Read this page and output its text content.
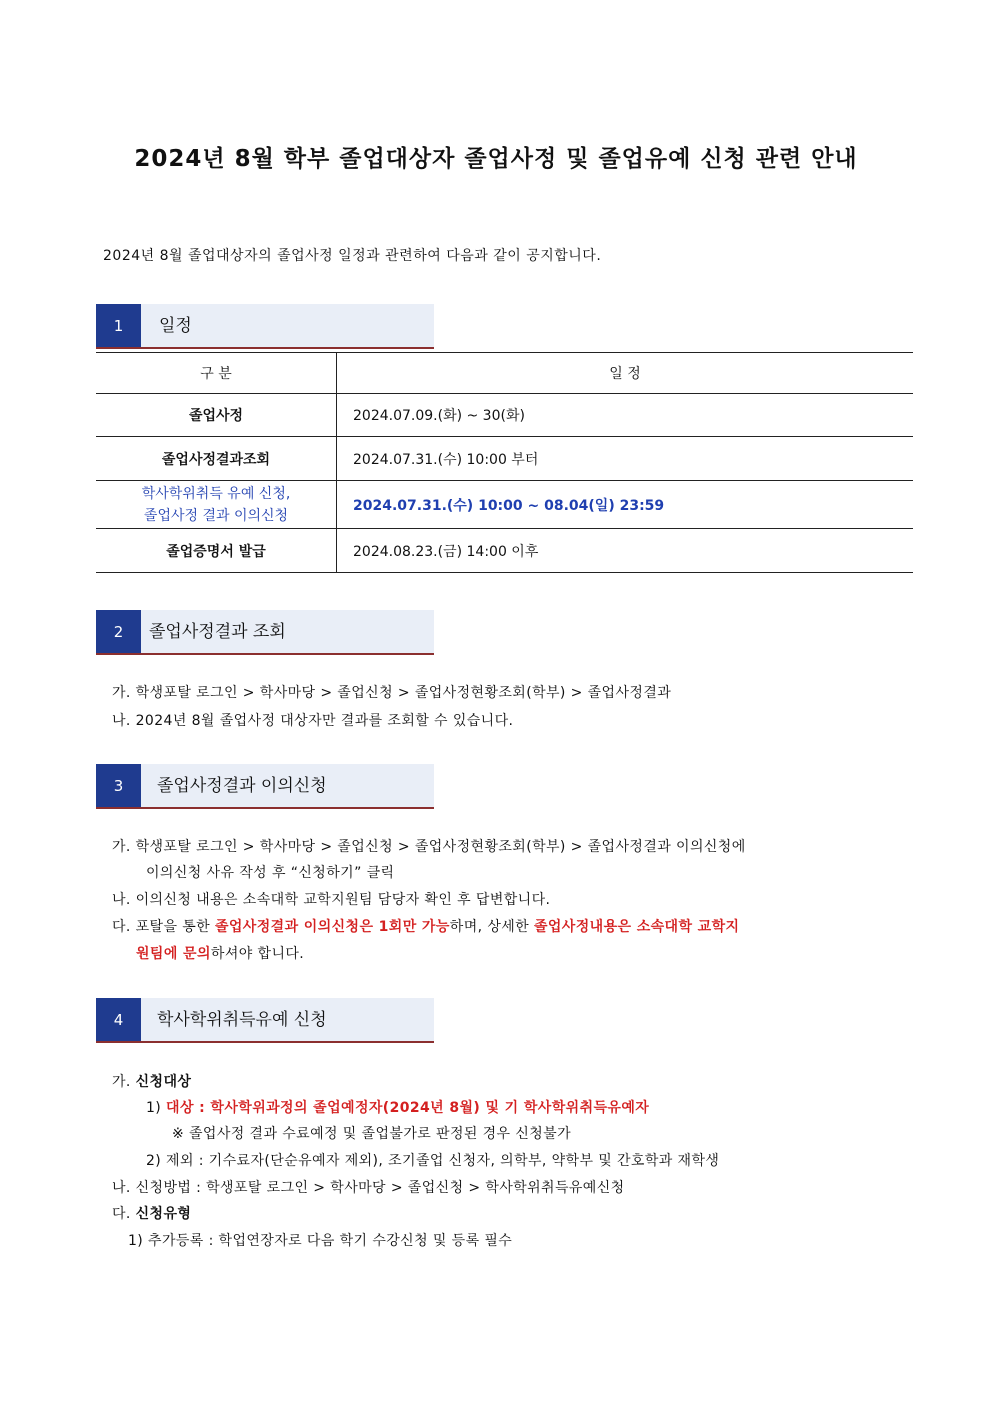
2024년 8월 학부 졸업대상자 졸업사정 및 졸업유예 신청 관련 안내
2024년 8월 졸업대상자의 졸업사정 일정과 관련하여 다음과 같이 공지합니다.
1	일정
구 분	일 정
졸업사정	2024.07.09.(화) ~ 30(화)
졸업사정결과조회	2024.07.31.(수) 10:00 부터
학사학위취득 유예 신청,
졸업사정 결과 이의신청	2024.07.31.(수) 10:00 ~ 08.04(일) 23:59
졸업증명서 발급	2024.08.23.(금) 14:00 이후
2	졸업사정결과 조회
가. 학생포탈 로그인 > 학사마당 > 졸업신청 > 졸업사정현황조회(학부) > 졸업사정결과
나. 2024년 8월 졸업사정 대상자만 결과를 조회할 수 있습니다.
3	졸업사정결과 이의신청
가. 학생포탈 로그인 > 학사마당 > 졸업신청 > 졸업사정현황조회(학부) > 졸업사정결과 이의신청에
이의신청 사유 작성 후 “신청하기” 클릭
나. 이의신청 내용은 소속대학 교학지원팀 담당자 확인 후 답변합니다.
다. 포탈을 통한 졸업사정결과 이의신청은 1회만 가능하며, 상세한 졸업사정내용은 소속대학 교학지
원팀에 문의하셔야 합니다.
4	학사학위취득유예 신청
가. 신청대상
1) 대상 : 학사학위과정의 졸업예정자(2024년 8월) 및 기 학사학위취득유예자
※ 졸업사정 결과 수료예정 및 졸업불가로 판정된 경우 신청불가
2) 제외 : 기수료자(단순유예자 제외), 조기졸업 신청자, 의학부, 약학부 및 간호학과 재학생
나. 신청방법 : 학생포탈 로그인 > 학사마당 > 졸업신청 > 학사학위취득유예신청
다. 신청유형
1) 추가등록 : 학업연장자로 다음 학기 수강신청 및 등록 필수
